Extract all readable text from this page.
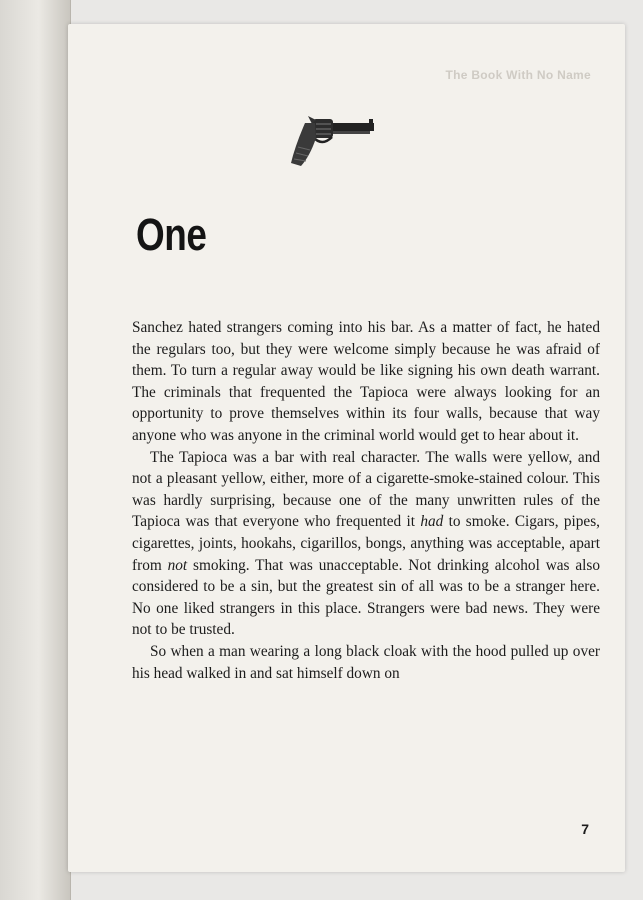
The Book With No Name
One

Sanchez hated strangers coming into his bar. As a matter of fact, he hated the regulars too, but they were welcome simply because he was afraid of them. To turn a regular away would be like signing his own death warrant. The criminals that frequented the Tapioca were always looking for an opportunity to prove themselves within its four walls, because that way anyone who was anyone in the criminal world would get to hear about it.

The Tapioca was a bar with real character. The walls were yellow, and not a pleasant yellow, either, more of a cigarette-smoke-stained colour. This was hardly surprising, because one of the many unwritten rules of the Tapioca was that everyone who frequented it had to smoke. Cigars, pipes, cigarettes, joints, hookahs, cigarillos, bongs, anything was acceptable, apart from not smoking. That was unacceptable. Not drinking alcohol was also considered to be a sin, but the greatest sin of all was to be a stranger here. No one liked strangers in this place. Strangers were bad news. They were not to be trusted.

So when a man wearing a long black cloak with the hood pulled up over his head walked in and sat himself down on

7
